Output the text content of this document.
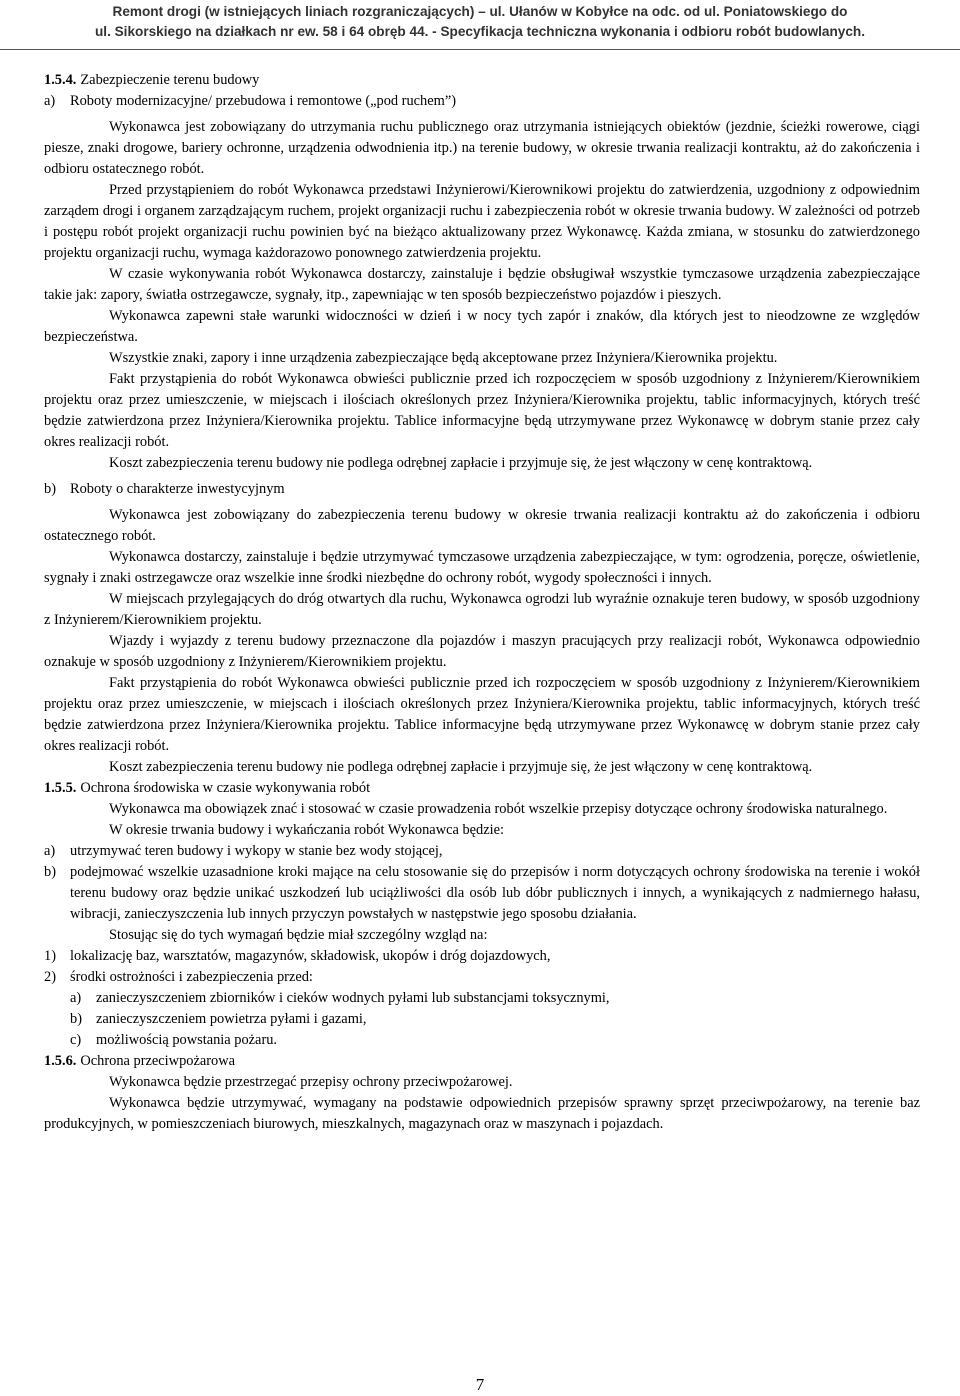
Remont drogi (w istniejących liniach rozgraniczających) – ul. Ułanów w Kobyłce na odc. od ul. Poniatowskiego do
ul. Sikorskiego na działkach nr ew. 58 i 64 obręb 44. - Specyfikacja techniczna wykonania i odbioru robót budowlanych.
1.5.4. Zabezpieczenie terenu budowy
a)	Roboty modernizacyjne/ przebudowa i remontowe („pod ruchem”)

Wykonawca jest zobowiązany do utrzymania ruchu publicznego oraz utrzymania istniejących obiektów (jezdnie, ścieżki rowerowe, ciągi piesze, znaki drogowe, bariery ochronne, urządzenia odwodnienia itp.) na terenie budowy, w okresie trwania realizacji kontraktu, aż do zakończenia i odbioru ostatecznego robót.

Przed przystąpieniem do robót Wykonawca przedstawi Inżynierowi/Kierownikowi projektu do zatwierdzenia, uzgodniony z odpowiednim zarządem drogi i organem zarządzającym ruchem, projekt organizacji ruchu i zabezpieczenia robót w okresie trwania budowy. W zależności od potrzeb i postępu robót projekt organizacji ruchu powinien być na bieżąco aktualizowany przez Wykonawcę. Każda zmiana, w stosunku do zatwierdzonego projektu organizacji ruchu, wymaga każdorazowo ponownego zatwierdzenia projektu.

W czasie wykonywania robót Wykonawca dostarczy, zainstaluje i będzie obsługiwał wszystkie tymczasowe urządzenia zabezpieczające takie jak: zapory, światła ostrzegawcze, sygnały, itp., zapewniając w ten sposób bezpieczeństwo pojazdów i pieszych.

Wykonawca zapewni stałe warunki widoczności w dzień i w nocy tych zapór i znaków, dla których jest to nieodzowne ze względów bezpieczeństwa.

Wszystkie znaki, zapory i inne urządzenia zabezpieczające będą akceptowane przez Inżyniera/Kierownika projektu.

Fakt przystąpienia do robót Wykonawca obwieści publicznie przed ich rozpoczęciem w sposób uzgodniony z Inżynierem/Kierownikiem projektu oraz przez umieszczenie, w miejscach i ilościach określonych przez Inżyniera/Kierownika projektu, tablic informacyjnych, których treść będzie zatwierdzona przez Inżyniera/Kierownika projektu. Tablice informacyjne będą utrzymywane przez Wykonawcę w dobrym stanie przez cały okres realizacji robót.

Koszt zabezpieczenia terenu budowy nie podlega odrębnej zapłacie i przyjmuje się, że jest włączony w cenę kontraktową.

b) Roboty o charakterze inwestycyjnym

Wykonawca jest zobowiązany do zabezpieczenia terenu budowy w okresie trwania realizacji kontraktu aż do zakończenia i odbioru ostatecznego robót.

Wykonawca dostarczy, zainstaluje i będzie utrzymywać tymczasowe urządzenia zabezpieczające, w tym: ogrodzenia, poręcze, oświetlenie, sygnały i znaki ostrzegawcze oraz wszelkie inne środki niezbędne do ochrony robót, wygody społeczności i innych.

W miejscach przylegających do dróg otwartych dla ruchu, Wykonawca ogrodzi lub wyraźnie oznakuje teren budowy, w sposób uzgodniony z Inżynierem/Kierownikiem projektu.

Wjazdy i wyjazdy z terenu budowy przeznaczone dla pojazdów i maszyn pracujących przy realizacji robót, Wykonawca odpowiednio oznakuje w sposób uzgodniony z Inżynierem/Kierownikiem projektu.

Fakt przystąpienia do robót Wykonawca obwieści publicznie przed ich rozpoczęciem w sposób uzgodniony z Inżynierem/Kierownikiem projektu oraz przez umieszczenie, w miejscach i ilościach określonych przez Inżyniera/Kierownika projektu, tablic informacyjnych, których treść będzie zatwierdzona przez Inżyniera/Kierownika projektu. Tablice informacyjne będą utrzymywane przez Wykonawcę w dobrym stanie przez cały okres realizacji robót.

Koszt zabezpieczenia terenu budowy nie podlega odrębnej zapłacie i przyjmuje się, że jest włączony w cenę kontraktową.

1.5.5. Ochrona środowiska w czasie wykonywania robót

Wykonawca ma obowiązek znać i stosować w czasie prowadzenia robót wszelkie przepisy dotyczące ochrony środowiska naturalnego.

W okresie trwania budowy i wykańczania robót Wykonawca będzie:

a)	utrzymywać teren budowy i wykopy w stanie bez wody stojącej,
b) podejmować wszelkie uzasadnione kroki mające na celu stosowanie się do przepisów i norm dotyczących ochrony środowiska na terenie i wokół terenu budowy oraz będzie unikać uszkodzeń lub uciążliwości dla osób lub dóbr publicznych i innych, a wynikających z nadmiernego hałasu, wibracji, zanieczyszczenia lub innych przyczyn powstałych w następstwie jego sposobu działania.

Stosując się do tych wymagań będzie miał szczególny wzgląd na:

1) lokalizację baz, warsztatów, magazynów, składowisk, ukopów i dróg dojazdowych,
2) środki ostrożności i zabezpieczenia przed:
a)	zanieczyszczeniem zbiorników i cieków wodnych pyłami lub substancjami toksycznymi,
b) zanieczyszczeniem powietrza pyłami i gazami,
c)	możliwością powstania pożaru.
1.5.6. Ochrona przeciwpożarowa

Wykonawca będzie przestrzegać przepisy ochrony przeciwpożarowej.

Wykonawca będzie utrzymywać, wymagany na podstawie odpowiednich przepisów sprawny sprzęt przeciwpożarowy, na terenie baz produkcyjnych, w pomieszczeniach biurowych, mieszkalnych, magazynach oraz w maszynach i pojazdach.

7
